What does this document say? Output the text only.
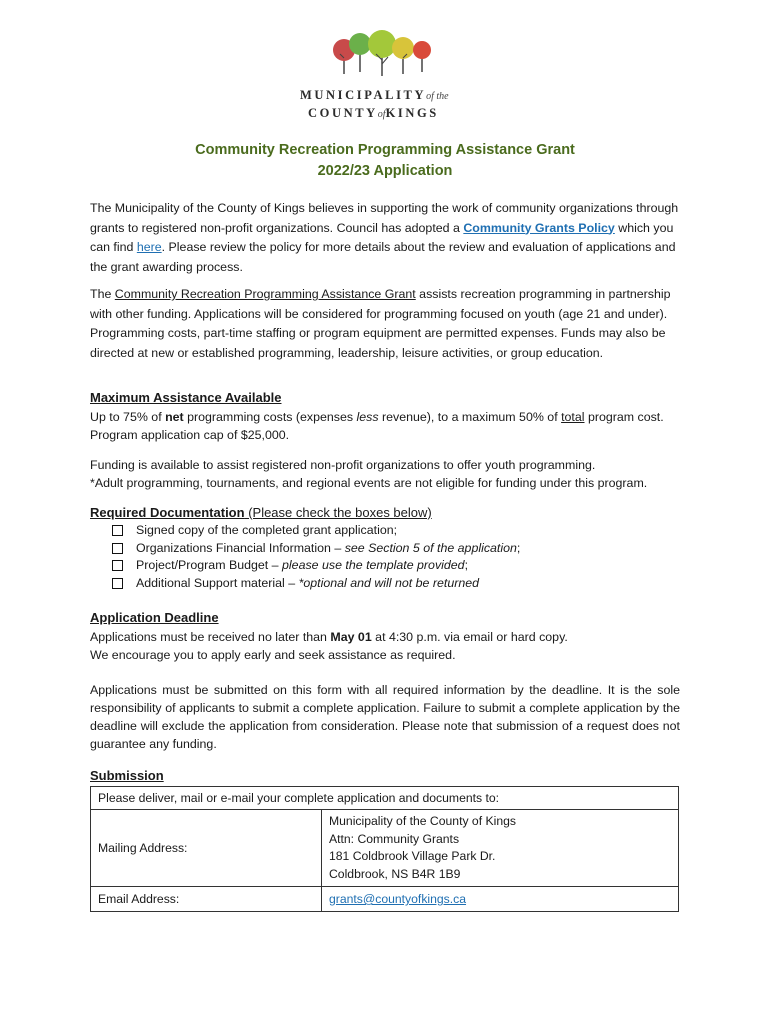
MUNICIPALITYof the
COUNTYofKINGS
Community Recreation Programming Assistance Grant
2022/23 Application
The Municipality of the County of Kings believes in supporting the work of community organizations through grants to registered non-profit organizations. Council has adopted a Community Grants Policy which you can find here. Please review the policy for more details about the review and evaluation of applications and the grant awarding process.
The Community Recreation Programming Assistance Grant assists recreation programming in partnership with other funding. Applications will be considered for programming focused on youth (age 21 and under). Programming costs, part-time staffing or program equipment are permitted expenses. Funds may also be directed at new or established programming, leadership, leisure activities, or group education.
Maximum Assistance Available
Up to 75% of net programming costs (expenses less revenue), to a maximum 50% of total program cost.
Program application cap of $25,000.
Funding is available to assist registered non-profit organizations to offer youth programming.
*Adult programming, tournaments, and regional events are not eligible for funding under this program.
Required Documentation (Please check the boxes below)
Signed copy of the completed grant application;
Organizations Financial Information –
see Section 5 of the application ;
Project/Program Budget –
please use the template provided ;
Additional Support material –
*optional and will not be returned
Application Deadline
Applications must be received no later than May 01 at 4:30 p.m. via email or hard copy.
We encourage you to apply early and seek assistance as required.
Applications must be submitted on this form with all required information by the deadline. It is the sole responsibility of applicants to submit a complete application. Failure to submit a complete application by the deadline will exclude the application from consideration. Please note that submission of a request does not guarantee any funding.
Submission
Please deliver, mail or e-mail your complete application and documents to:	
Mailing Address:	Municipality of the County of Kings
Attn: Community Grants
181 Coldbrook Village Park Dr.
Coldbrook, NS B4R 1B9

Email Address:	grants@countyofkings.ca
